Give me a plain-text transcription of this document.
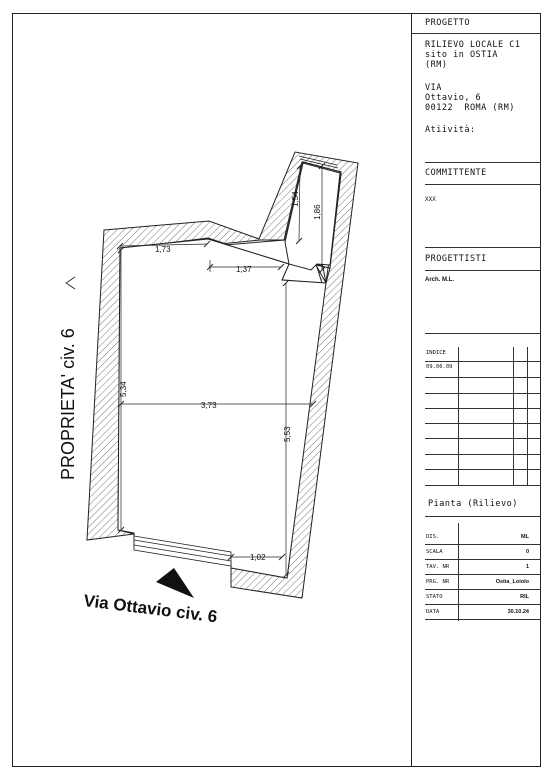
1,73
1,37
1,54
1,86
5,34
3,73
5,53
1,02
PROPRIETA' civ. 6
Via Ottavio civ. 6
PROGETTO
RILIEVO LOCALE C1
sito in OSTIA
(RM)
VIA
Ottavio, 6
00122  ROMA (RM)
Atiività:
COMMITTENTE
XXX
PROGETTISTI
Arch. M.L.
INDICE
09.06.09
Pianta (Rilievo)
DIS.	ML
SCALA	0
TAV. NR	1
PRG. NR	Ostia_Loiolo
STATO	RIL
DATA	30.10.24
